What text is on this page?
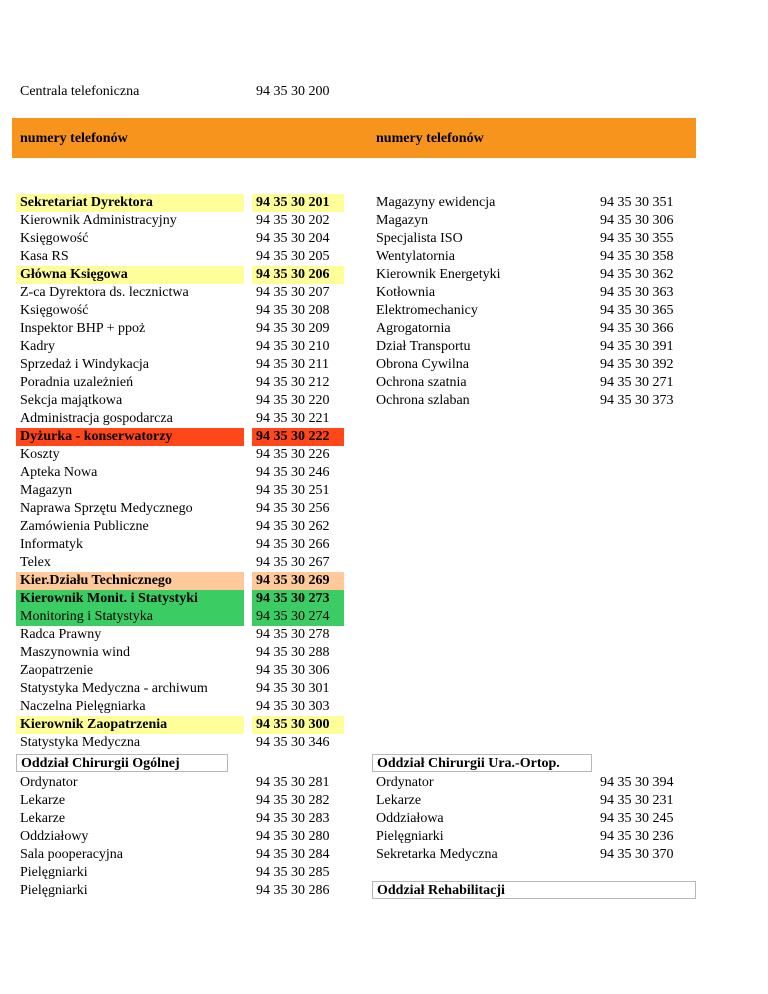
Centrala telefoniczna	94 35 30 200
numery telefonów	numery telefonów
Sekretariat Dyrektora	94 35 30 201
Kierownik Administracyjny	94 35 30 202
Księgowość	94 35 30 204
Kasa RS	94 35 30 205
Główna Księgowa	94 35 30 206
Z-ca Dyrektora ds. lecznictwa	94 35 30 207
Księgowość	94 35 30 208
Inspektor BHP + ppoż	94 35 30 209
Kadry	94 35 30 210
Sprzedaż i Windykacja	94 35 30 211
Poradnia uzależnień	94 35 30 212
Sekcja majątkowa	94 35 30 220
Administracja gospodarcza	94 35 30 221
Dyżurka - konserwatorzy	94 35 30 222
Koszty	94 35 30 226
Apteka Nowa	94 35 30 246
Magazyn	94 35 30 251
Naprawa Sprzętu Medycznego	94 35 30 256
Zamówienia Publiczne	94 35 30 262
Informatyk	94 35 30 266
Telex	94 35 30 267
Kier.Działu Technicznego	94 35 30 269
Kierownik Monit. i Statystyki	94 35 30 273
Monitoring i Statystyka	94 35 30 274
Radca Prawny	94 35 30 278
Maszynownia wind	94 35 30 288
Zaopatrzenie	94 35 30 306
Statystyka Medyczna - archiwum	94 35 30 301
Naczelna Pielęgniarka	94 35 30 303
Kierownik Zaopatrzenia	94 35 30 300
Statystyka Medyczna	94 35 30 346
Oddział Chirurgii Ogólnej
Ordynator	94 35 30 281
Lekarze	94 35 30 282
Lekarze	94 35 30 283
Oddziałowy	94 35 30 280
Sala pooperacyjna	94 35 30 284
Pielęgniarki	94 35 30 285
Pielęgniarki	94 35 30 286
Magazyny ewidencja	94 35 30 351
Magazyn	94 35 30 306
Specjalista ISO	94 35 30 355
Wentylatornia	94 35 30 358
Kierownik Energetyki	94 35 30 362
Kotłownia	94 35 30 363
Elektromechanicy	94 35 30 365
Agrogatornia	94 35 30 366
Dział Transportu	94 35 30 391
Obrona Cywilna	94 35 30 392
Ochrona szatnia	94 35 30 271
Ochrona szlaban	94 35 30 373
Oddział Chirurgii Ura.-Ortop.
Ordynator	94 35 30 394
Lekarze	94 35 30 231
Oddziałowa	94 35 30 245
Pielęgniarki	94 35 30 236
Sekretarka Medyczna	94 35 30 370
Oddział Rehabilitacji
